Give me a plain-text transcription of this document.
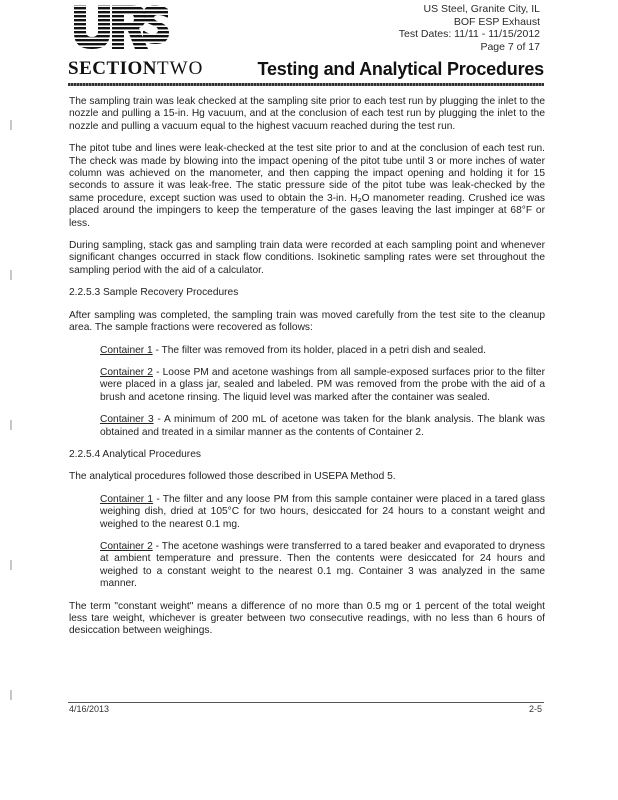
US Steel, Granite City, IL
BOF ESP Exhaust
Test Dates: 11/11 - 11/15/2012
Page 7 of 17
SECTIONTWO	Testing and Analytical Procedures

The sampling train was leak checked at the sampling site prior to each test run by plugging the inlet to the nozzle and pulling a 15-in. Hg vacuum, and at the conclusion of each test run by plugging the inlet to the nozzle and pulling a vacuum equal to the highest vacuum reached during the test run.

The pitot tube and lines were leak-checked at the test site prior to and at the conclusion of each test run. The check was made by blowing into the impact opening of the pitot tube until 3 or more inches of water column was achieved on the manometer, and then capping the impact opening and holding it for 15 seconds to assure it was leak-free. The static pressure side of the pitot tube was leak-checked by the same procedure, except suction was used to obtain the 3-in. H₂O manometer reading. Crushed ice was placed around the impingers to keep the temperature of the gases leaving the last impinger at 68°F or less.

During sampling, stack gas and sampling train data were recorded at each sampling point and whenever significant changes occurred in stack flow conditions. Isokinetic sampling rates were set throughout the sampling period with the aid of a calculator.

2.2.5.3 Sample Recovery Procedures

After sampling was completed, the sampling train was moved carefully from the test site to the cleanup area. The sample fractions were recovered as follows:

Container 1 - The filter was removed from its holder, placed in a petri dish and sealed.

Container 2 - Loose PM and acetone washings from all sample-exposed surfaces prior to the filter were placed in a glass jar, sealed and labeled. PM was removed from the probe with the aid of a brush and acetone rinsing. The liquid level was marked after the container was sealed.

Container 3 - A minimum of 200 mL of acetone was taken for the blank analysis. The blank was obtained and treated in a similar manner as the contents of Container 2.

2.2.5.4 Analytical Procedures

The analytical procedures followed those described in USEPA Method 5.

Container 1 - The filter and any loose PM from this sample container were placed in a tared glass weighing dish, dried at 105°C for two hours, desiccated for 24 hours to a constant weight and weighed to the nearest 0.1 mg.

Container 2 - The acetone washings were transferred to a tared beaker and evaporated to dryness at ambient temperature and pressure. Then the contents were desiccated for 24 hours and weighed to a constant weight to the nearest 0.1 mg. Container 3 was analyzed in the same manner.

The term "constant weight" means a difference of no more than 0.5 mg or 1 percent of the total weight less tare weight, whichever is greater between two consecutive readings, with no less than 6 hours of desiccation between weighings.

4/16/2013	2-5
